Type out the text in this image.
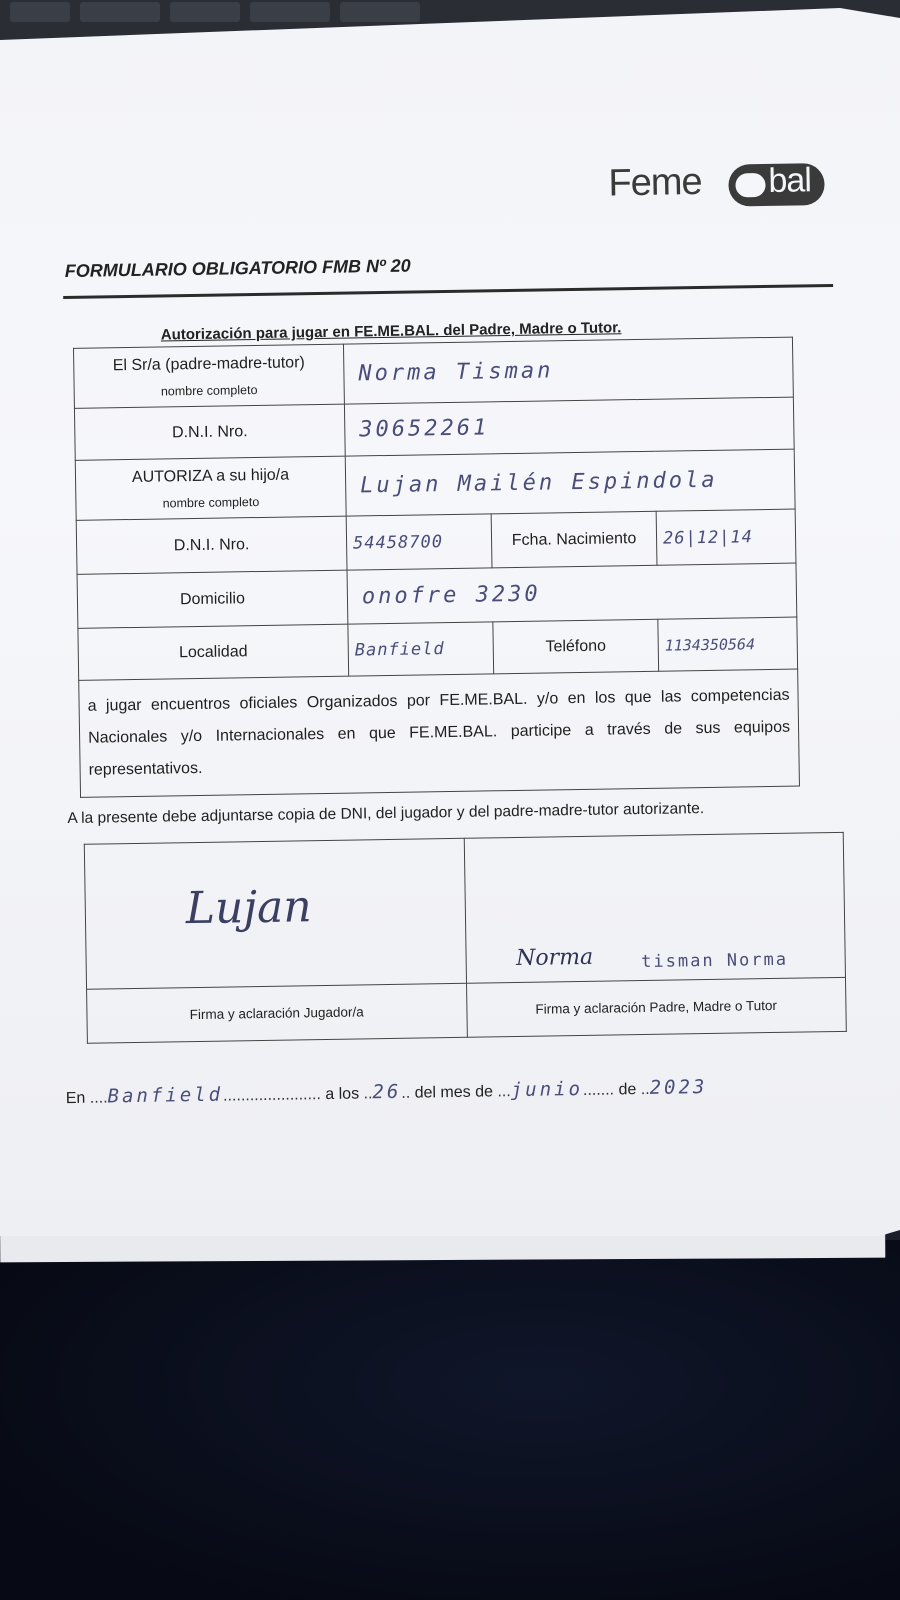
Feme bal
FORMULARIO OBLIGATORIO FMB Nº 20
Autorización para jugar en FE.ME.BAL. del Padre, Madre o Tutor.
El Sr/a (padre-madre-tutor)
nombre completo	Norma Tisman		
D.N.I. Nro.	30652261		
AUTORIZA a su hijo/a
nombre completo	Lujan Mailén Espindola		
D.N.I. Nro.	54458700	Fcha. Nacimiento	26|12|14
Domicilio	onofre 3230		
Localidad	Banfield	Teléfono	1134350564
a jugar encuentros oficiales Organizados por FE.ME.BAL. y/o en los que las competencias Nacionales y/o Internacionales en que FE.ME.BAL. participe a través de sus equipos representativos.			
A la presente debe adjuntarse copia de DNI, del jugador y del padre-madre-tutor autorizante.
Lujan	Norma tisman Norma

Firma y aclaración Jugador/a	Firma y aclaración Padre, Madre o Tutor
En ....Banfield...................... a los ..26.. del mes de ...junio....... de ..2023
